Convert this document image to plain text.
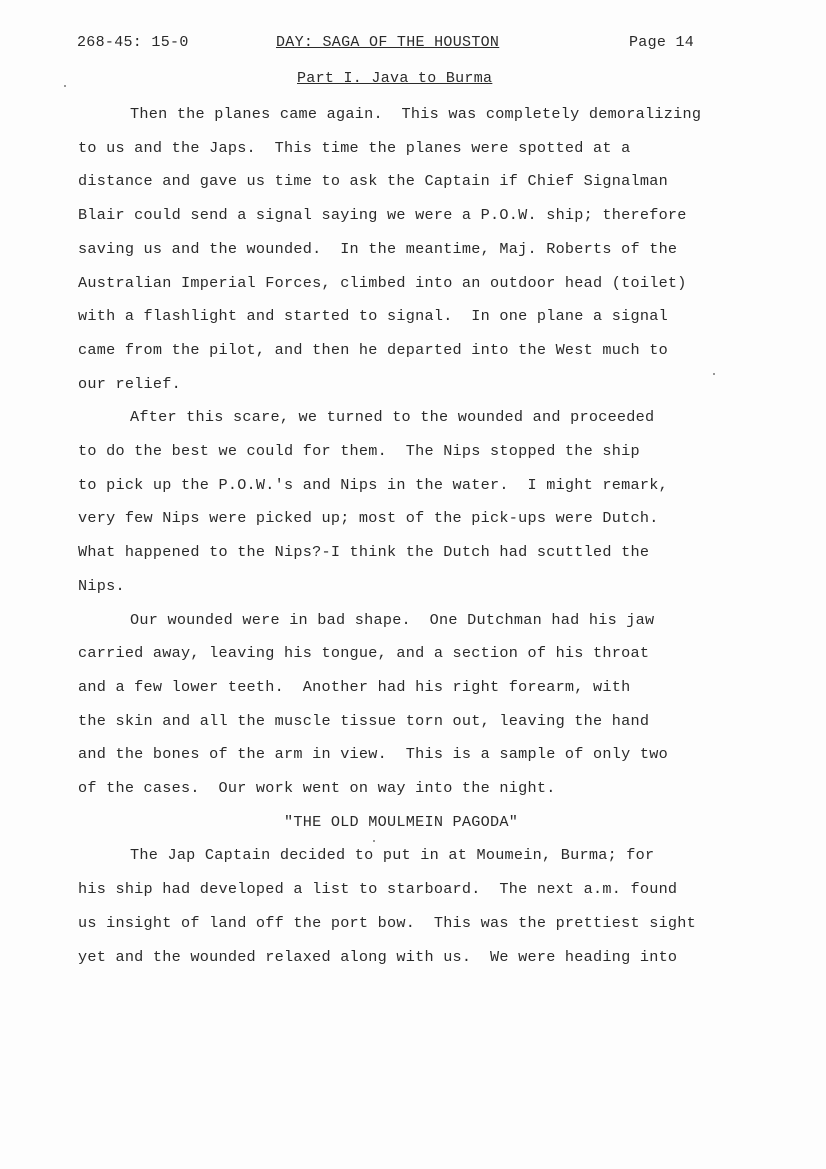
268-45: 15-0	DAY: SAGA OF THE HOUSTON	Page 14
Part I. Java to Burma
Then the planes came again.  This was completely demoralizing
to us and the Japs.  This time the planes were spotted at a
distance and gave us time to ask the Captain if Chief Signalman
Blair could send a signal saying we were a P.O.W. ship; therefore
saving us and the wounded.  In the meantime, Maj. Roberts of the
Australian Imperial Forces, climbed into an outdoor head (toilet)
with a flashlight and started to signal.  In one plane a signal
came from the pilot, and then he departed into the West much to
our relief.
After this scare, we turned to the wounded and proceeded
to do the best we could for them.  The Nips stopped the ship
to pick up the P.O.W.'s and Nips in the water.  I might remark,
very few Nips were picked up; most of the pick-ups were Dutch.
What happened to the Nips?-I think the Dutch had scuttled the
Nips.
Our wounded were in bad shape.  One Dutchman had his jaw
carried away, leaving his tongue, and a section of his throat
and a few lower teeth.  Another had his right forearm, with
the skin and all the muscle tissue torn out, leaving the hand
and the bones of the arm in view.  This is a sample of only two
of the cases.  Our work went on way into the night.
"THE OLD MOULMEIN PAGODA"
The Jap Captain decided to put in at Moumein, Burma; for
his ship had developed a list to starboard.  The next a.m. found
us insight of land off the port bow.  This was the prettiest sight
yet and the wounded relaxed along with us.  We were heading into
